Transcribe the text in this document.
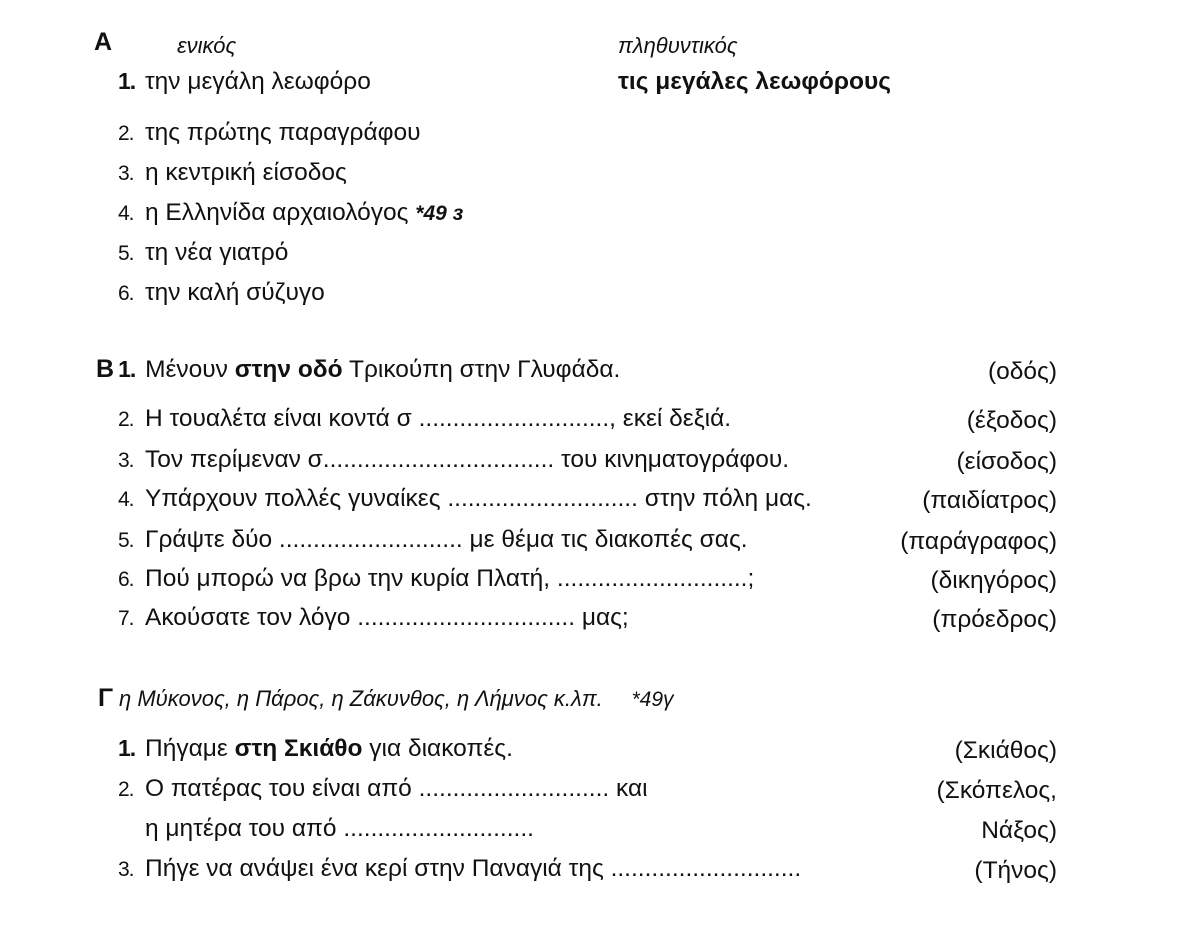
A	ενικός	πληθυντικός
1. την μεγάλη λεωφόρο	τις μεγάλες λεωφόρους
2. της πρώτης παραγράφου
3. η κεντρική είσοδος
4. η Ελληνίδα αρχαιολόγος *49 з
5. τη νέα γιατρό
6. την καλή σύζυγο
B 1. Μένουν στην οδό Τρικούπη στην Γλυφάδα.	(οδός)
2. Η τουαλέτα είναι κοντά σ ............................, εκεί δεξιά.	(έξοδος)
3. Τον περίμεναν σ.................................. του κινηματογράφου.	(είσοδος)
4. Υπάρχουν πολλές γυναίκες ............................ στην πόλη μας.	(παιδίατρος)
5. Γράψτε δύο ........................... με θέμα τις διακοπές σας.	(παράγραφος)
6. Πού μπορώ να βρω την κυρία Πλατή, ............................;	(δικηγόρος)
7. Ακούσατε τον λόγο ................................ μας;	(πρόεδρος)
Γ η Μύκονος, η Πάρος, η Ζάκυνθος, η Λήμνος κ.λπ. *49γ
1. Πήγαμε στη Σκιάθο για διακοπές.	(Σκιάθος)
2. Ο πατέρας του είναι από ............................ και	(Σκόπελος,
η μητέρα του από ............................	Νάξος)
3. Πήγε να ανάψει ένα κερί στην Παναγιά της ............................	(Τήνος)
